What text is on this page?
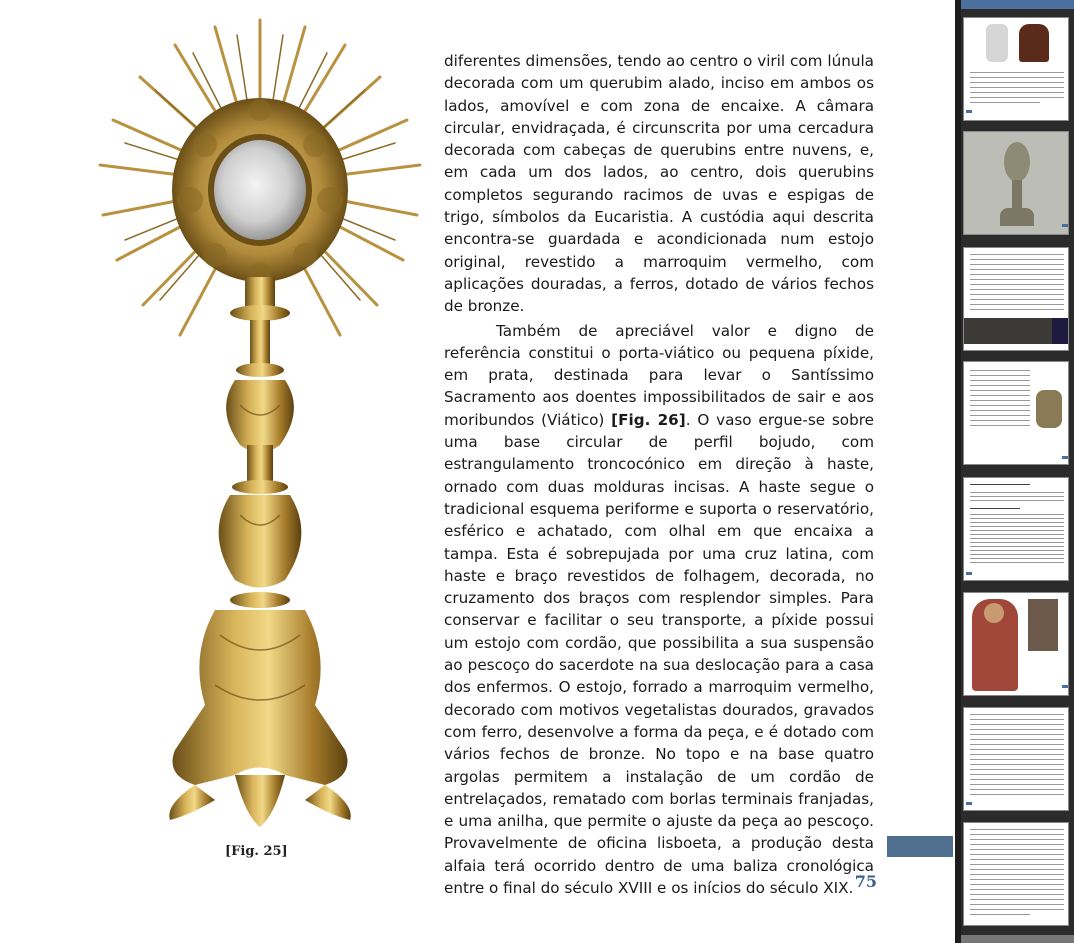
[Fig. 25]

diferentes dimensões, tendo ao centro o viril com lúnula decorada com um querubim alado, inciso em ambos os lados, amovível e com zona de encaixe. A câmara circular, envidraçada, é circunscrita por uma cercadura decorada com cabeças de querubins entre nuvens, e, em cada um dos lados, ao centro, dois querubins completos segurando racimos de uvas e espigas de trigo, símbolos da Eucaristia. A custódia aqui descrita encontra-se guardada e acondicionada num estojo original, revestido a marroquim vermelho, com aplicações douradas, a ferros, dotado de vários fechos de bronze.

Também de apreciável valor e digno de referência constitui o porta-viático ou pequena píxide, em prata, destinada para levar o Santíssimo Sacramento aos doentes impossibilitados de sair e aos moribundos (Viático) [Fig. 26]. O vaso ergue-se sobre uma base circular de perfil bojudo, com estrangulamento troncocónico em direção à haste, ornado com duas molduras incisas. A haste segue o tradicional esquema periforme e suporta o reservatório, esférico e achatado, com olhal em que encaixa a tampa. Esta é sobrepujada por uma cruz latina, com haste e braço revestidos de folhagem, decorada, no cruzamento dos braços com resplendor simples. Para conservar e facilitar o seu transporte, a píxide possui um estojo com cordão, que possibilita a sua suspensão ao pescoço do sacerdote na sua deslocação para a casa dos enfermos. O estojo, forrado a marroquim vermelho, decorado com motivos vegetalistas dourados, gravados com ferro, desenvolve a forma da peça, e é dotado com vários fechos de bronze. No topo e na base quatro argolas permitem a instalação de um cordão de entrelaçados, rematado com borlas terminais franjadas, e uma anilha, que permite o ajuste da peça ao pescoço. Provavelmente de oficina lisboeta, a produção desta alfaia terá ocorrido dentro de uma baliza cronológica entre o final do século XVIII e os inícios do século XIX. 75
